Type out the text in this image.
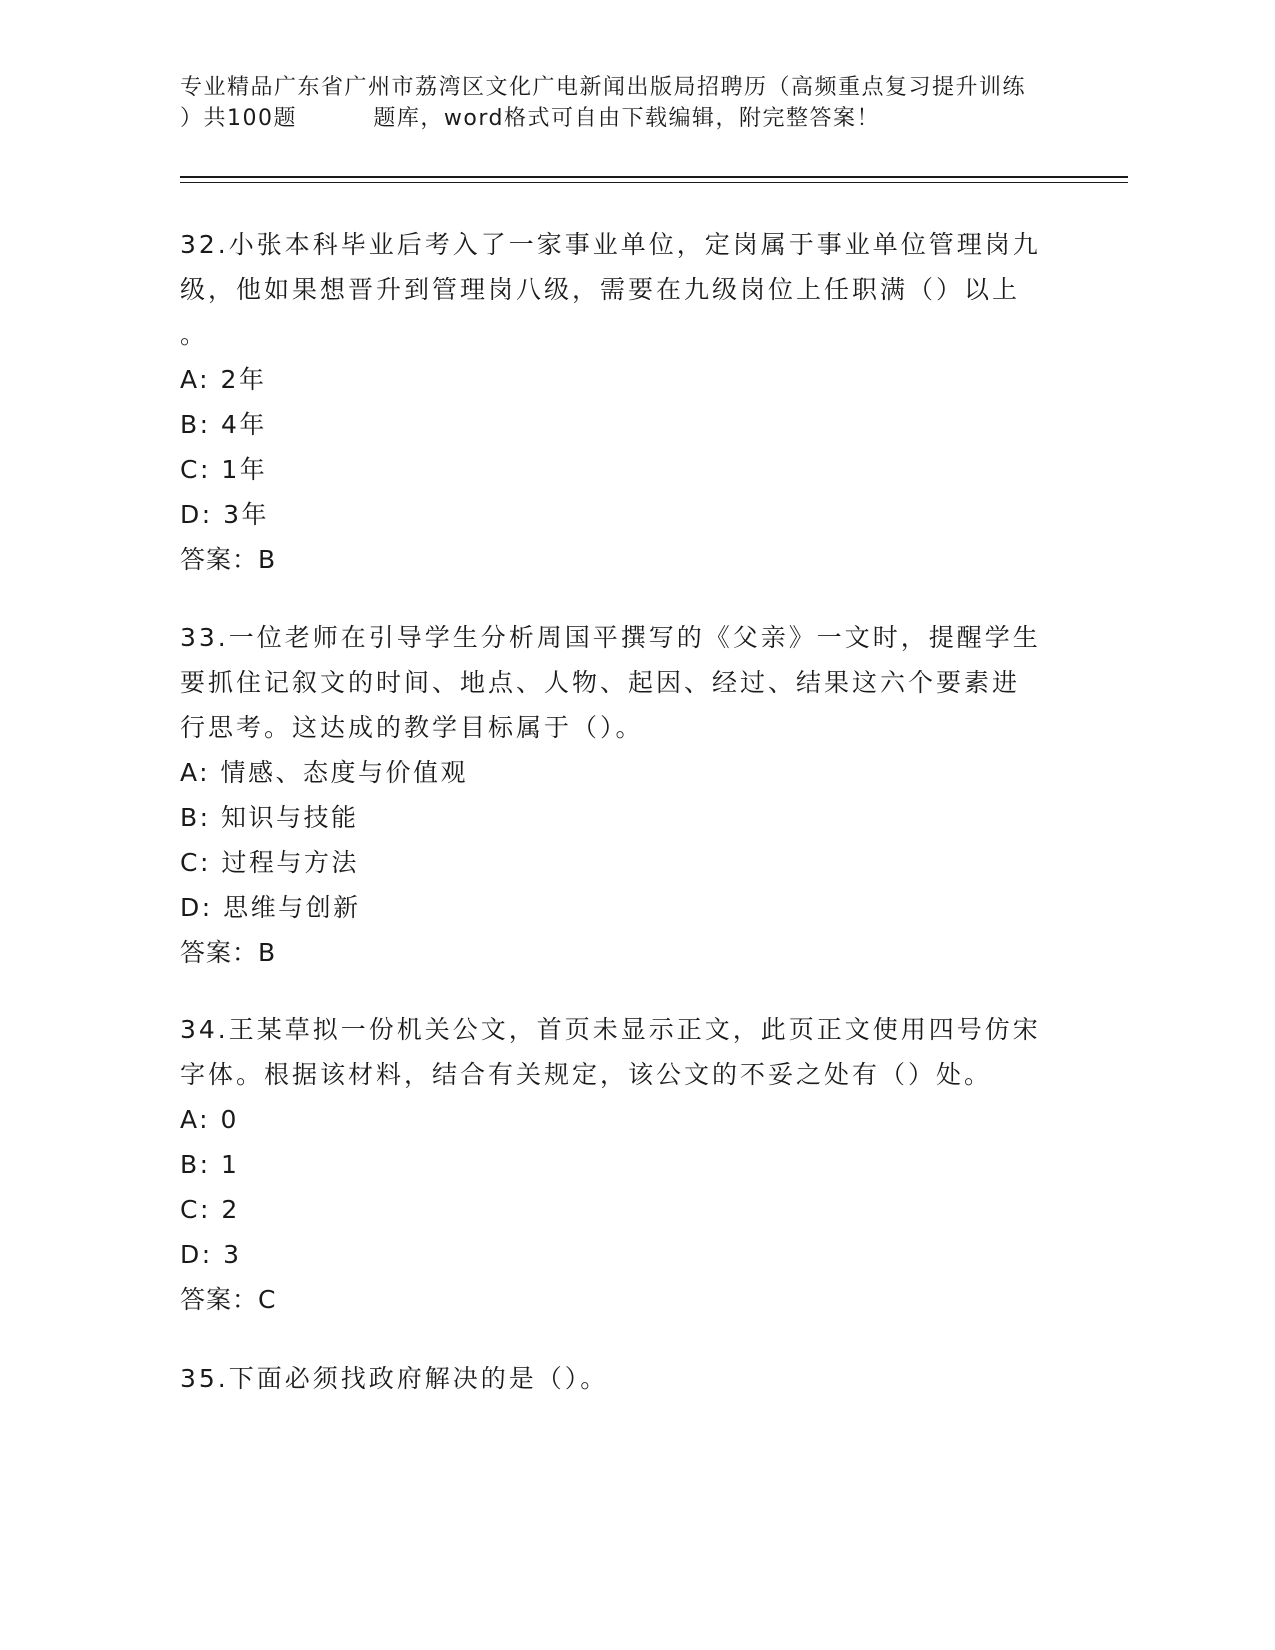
专业精品广东省广州市荔湾区文化广电新闻出版局招聘历（高频重点复习提升训练
）共100题         题库，word格式可自由下载编辑，附完整答案！

32.小张本科毕业后考入了一家事业单位，定岗属于事业单位管理岗九

级，他如果想晋升到管理岗八级，需要在九级岗位上任职满（）以上

。

A: 2年

B: 4年

C: 1年

D: 3年

答案：B

33.一位老师在引导学生分析周国平撰写的《父亲》一文时，提醒学生

要抓住记叙文的时间、地点、人物、起因、经过、结果这六个要素进

行思考。这达成的教学目标属于（）。

A: 情感、态度与价值观

B: 知识与技能

C: 过程与方法

D: 思维与创新

答案：B

34.王某草拟一份机关公文，首页未显示正文，此页正文使用四号仿宋

字体。根据该材料，结合有关规定，该公文的不妥之处有（）处。

A: 0

B: 1

C: 2

D: 3

答案：C

35.下面必须找政府解决的是（）。
